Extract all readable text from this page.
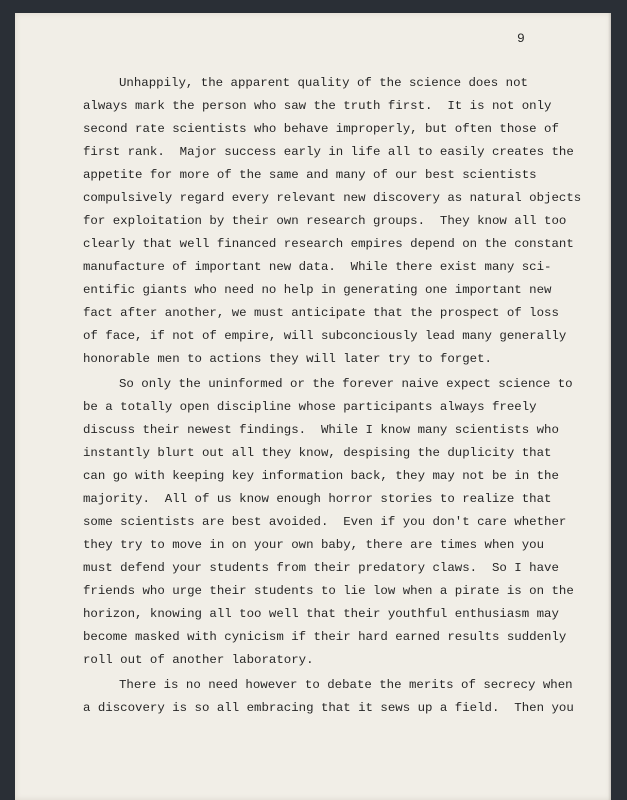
9
Unhappily, the apparent quality of the science does not
always mark the person who saw the truth first.  It is not only
second rate scientists who behave improperly, but often those of
first rank.  Major success early in life all to easily creates the
appetite for more of the same and many of our best scientists
compulsively regard every relevant new discovery as natural objects
for exploitation by their own research groups.  They know all too
clearly that well financed research empires depend on the constant
manufacture of important new data.  While there exist many sci-
entific giants who need no help in generating one important new
fact after another, we must anticipate that the prospect of loss
of face, if not of empire, will subconciously lead many generally
honorable men to actions they will later try to forget.
So only the uninformed or the forever naive expect science to
be a totally open discipline whose participants always freely
discuss their newest findings.  While I know many scientists who
instantly blurt out all they know, despising the duplicity that
can go with keeping key information back, they may not be in the
majority.  All of us know enough horror stories to realize that
some scientists are best avoided.  Even if you don't care whether
they try to move in on your own baby, there are times when you
must defend your students from their predatory claws.  So I have
friends who urge their students to lie low when a pirate is on the
horizon, knowing all too well that their youthful enthusiasm may
become masked with cynicism if their hard earned results suddenly
roll out of another laboratory.
There is no need however to debate the merits of secrecy when
a discovery is so all embracing that it sews up a field.  Then you
